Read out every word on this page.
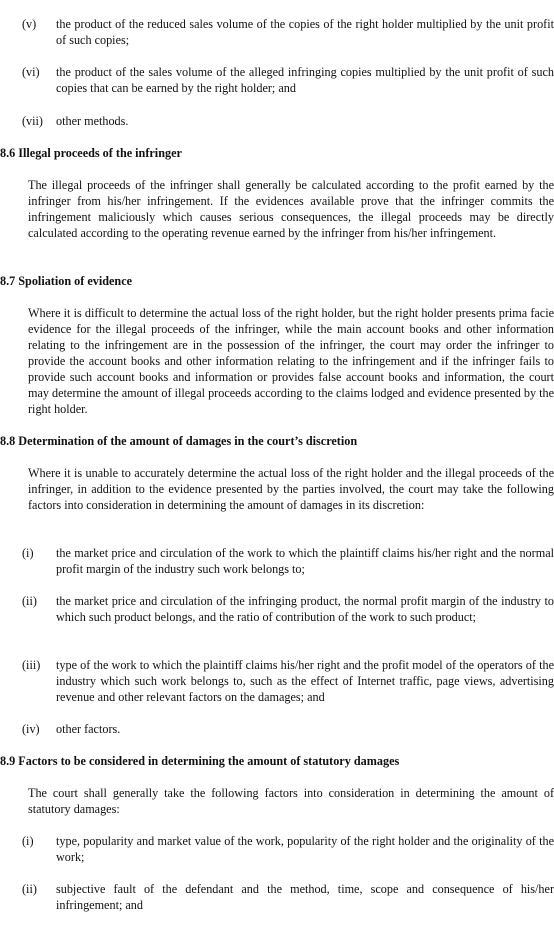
(v)	the product of the reduced sales volume of the copies of the right holder multiplied by the unit profit of such copies;
(vi)	the product of the sales volume of the alleged infringing copies multiplied by the unit profit of such copies that can be earned by the right holder; and
(vii)	other methods.
8.6 Illegal proceeds of the infringer
The illegal proceeds of the infringer shall generally be calculated according to the profit earned by the infringer from his/her infringement. If the evidences available prove that the infringer commits the infringement maliciously which causes serious consequences, the illegal proceeds may be directly calculated according to the operating revenue earned by the infringer from his/her infringement.
8.7 Spoliation of evidence
Where it is difficult to determine the actual loss of the right holder, but the right holder presents prima facie evidence for the illegal proceeds of the infringer, while the main account books and other information relating to the infringement are in the possession of the infringer, the court may order the infringer to provide the account books and other information relating to the infringement and if the infringer fails to provide such account books and information or provides false account books and information, the court may determine the amount of illegal proceeds according to the claims lodged and evidence presented by the right holder.
8.8 Determination of the amount of damages in the court’s discretion
Where it is unable to accurately determine the actual loss of the right holder and the illegal proceeds of the infringer, in addition to the evidence presented by the parties involved, the court may take the following factors into consideration in determining the amount of damages in its discretion:
(i)	the market price and circulation of the work to which the plaintiff claims his/her right and the normal profit margin of the industry such work belongs to;
(ii)	the market price and circulation of the infringing product, the normal profit margin of the industry to which such product belongs, and the ratio of contribution of the work to such product;
(iii)	type of the work to which the plaintiff claims his/her right and the profit model of the operators of the industry which such work belongs to, such as the effect of Internet traffic, page views, advertising revenue and other relevant factors on the damages; and
(iv)	other factors.
8.9 Factors to be considered in determining the amount of statutory damages
The court shall generally take the following factors into consideration in determining the amount of statutory damages:
(i)	type, popularity and market value of the work, popularity of the right holder and the originality of the work;
(ii)	subjective fault of the defendant and the method, time, scope and consequence of his/her infringement; and
